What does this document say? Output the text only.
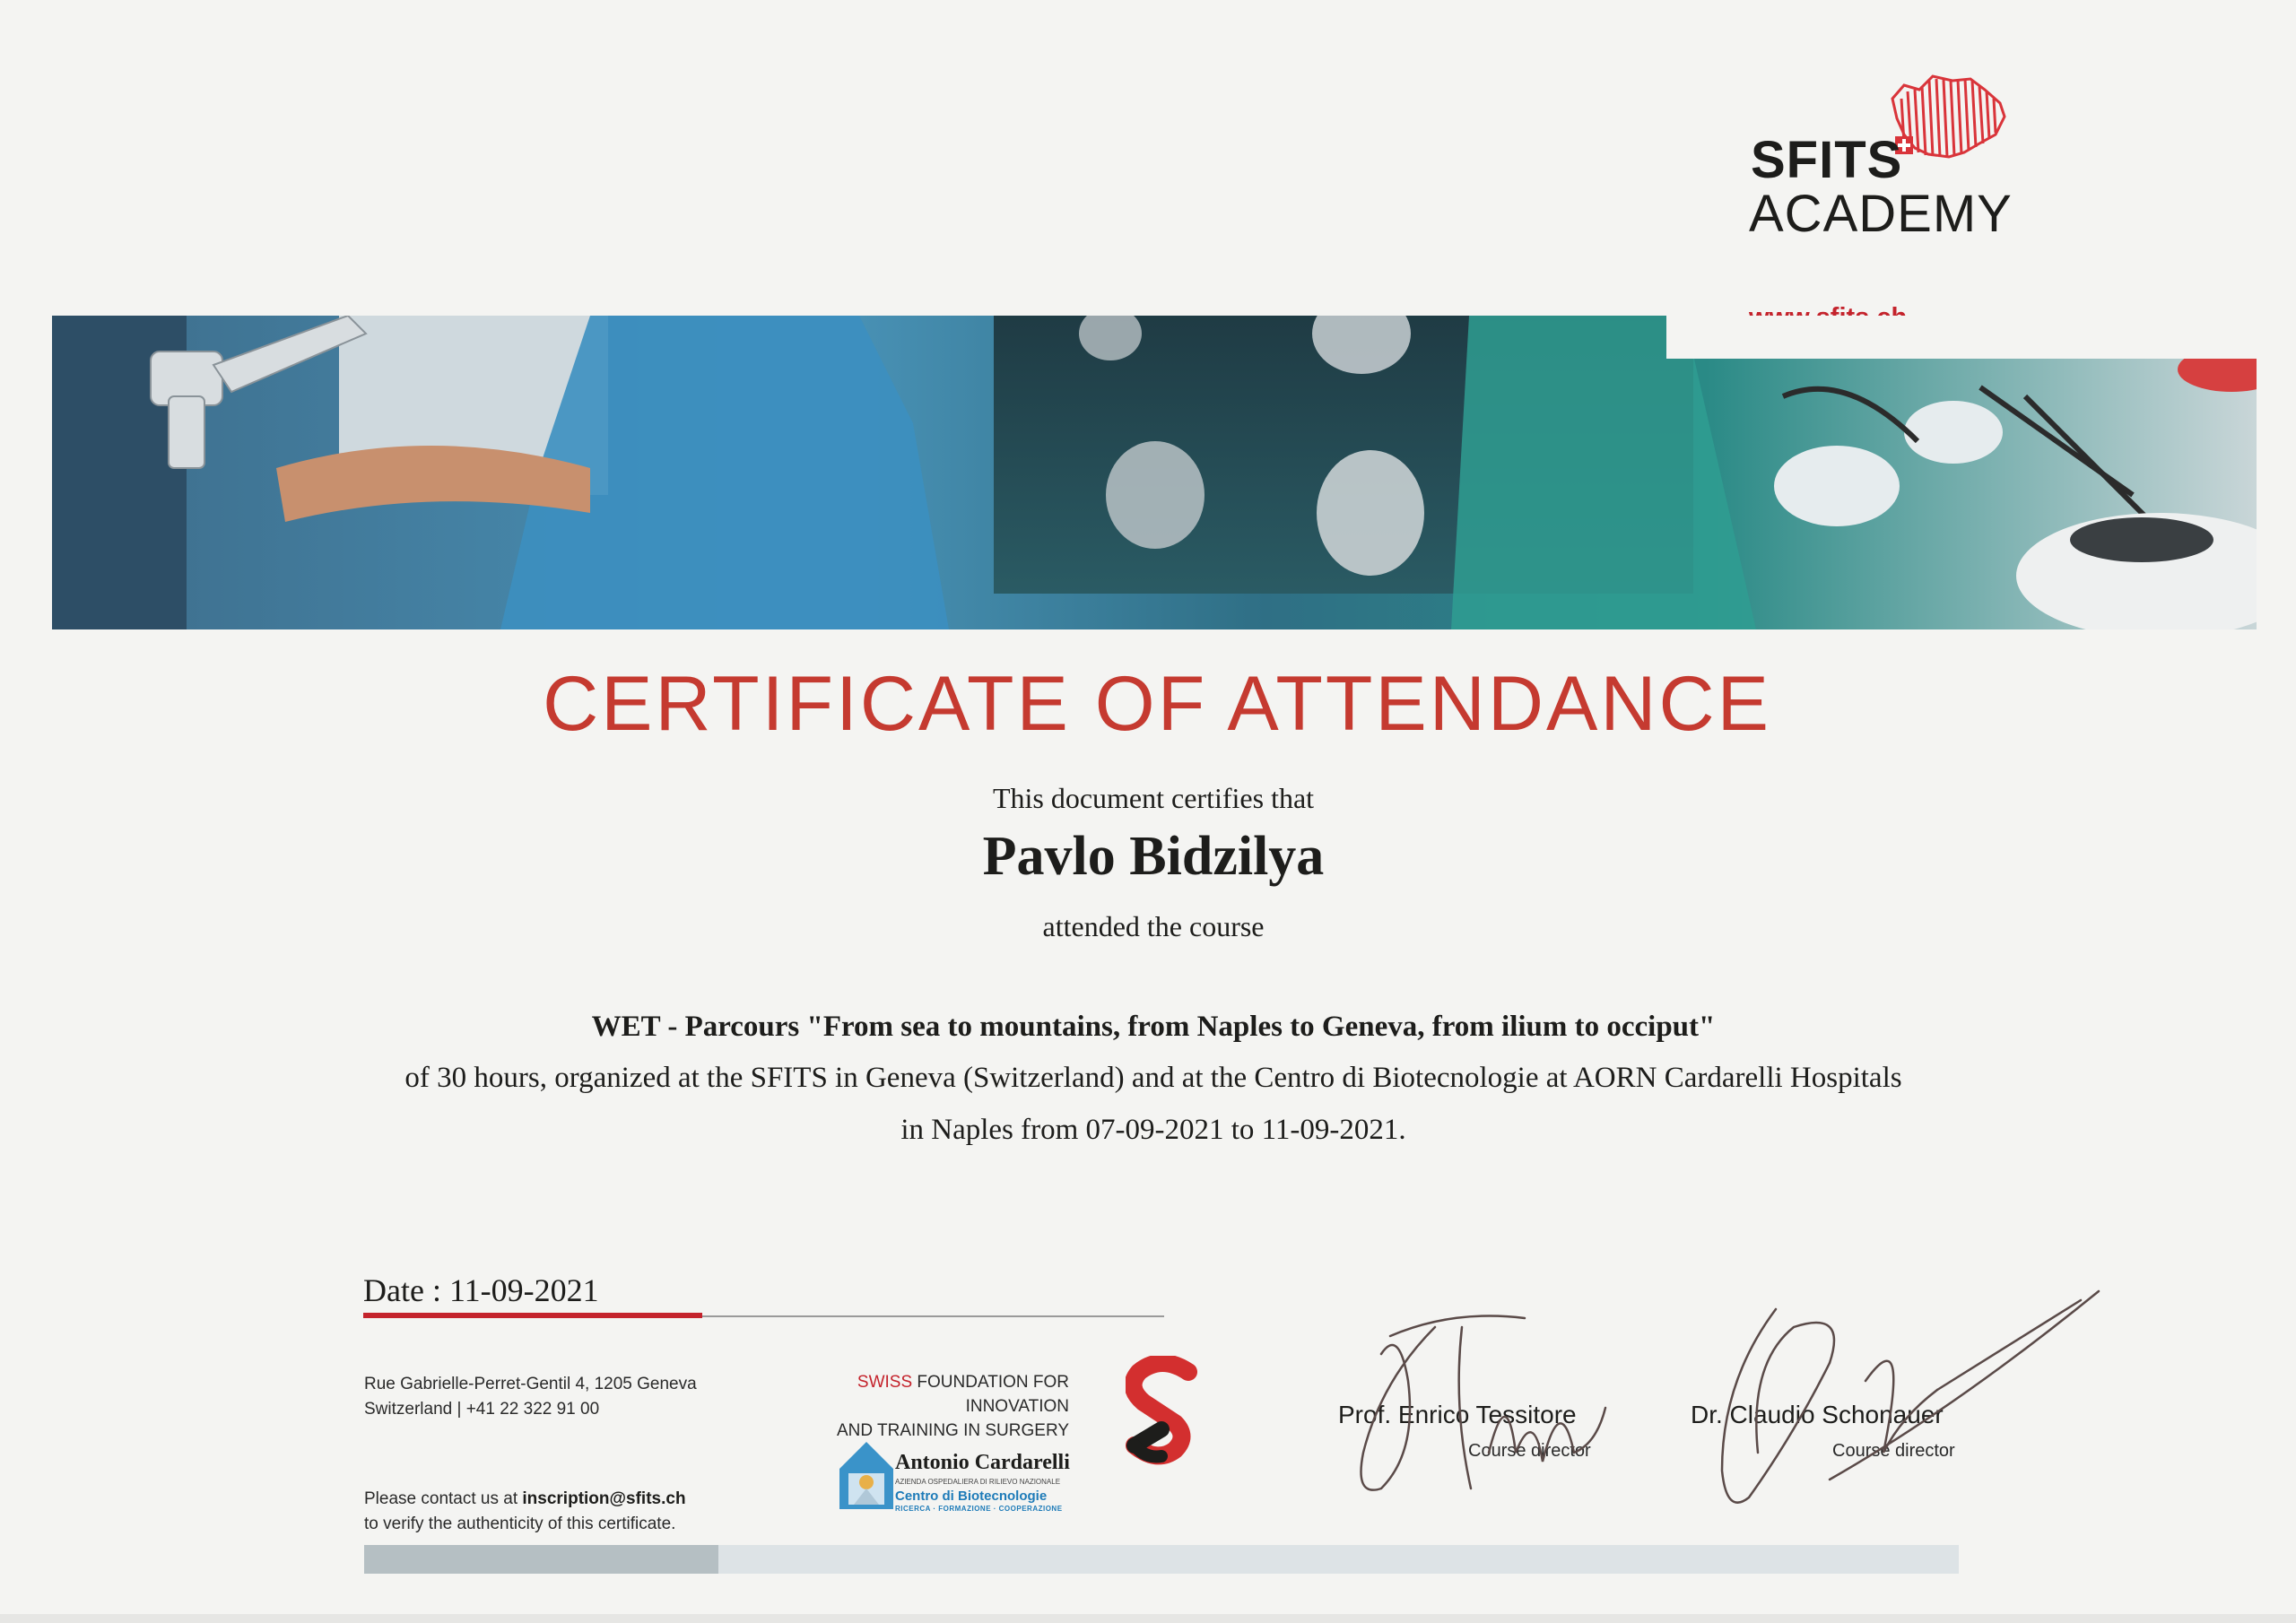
SFITS
ACADEMY
CERTIFICATE OF ATTENDANCE
This document certifies that
Pavlo Bidzilya
attended the course
WET - Parcours "From sea to mountains, from Naples to Geneva, from ilium to occiput"
of 30 hours, organized at the SFITS in Geneva (Switzerland) and at the Centro di Biotecnologie at AORN Cardarelli Hospitals
in Naples from 07-09-2021 to 11-09-2021.
Date : 11-09-2021
Rue Gabrielle-Perret-Gentil 4, 1205 Geneva
Switzerland | +41 22 322 91 00
Please contact us at inscription@sfits.ch
to verify the authenticity of this certificate.
SWISS FOUNDATION FOR INNOVATION
AND TRAINING IN SURGERY
Antonio Cardarelli
AZIENDA OSPEDALIERA DI RILIEVO NAZIONALE
Centro di Biotecnologie
RICERCA · FORMAZIONE · COOPERAZIONE
Prof. Enrico Tessitore
Course director
Dr. Claudio Schonauer
Course director
